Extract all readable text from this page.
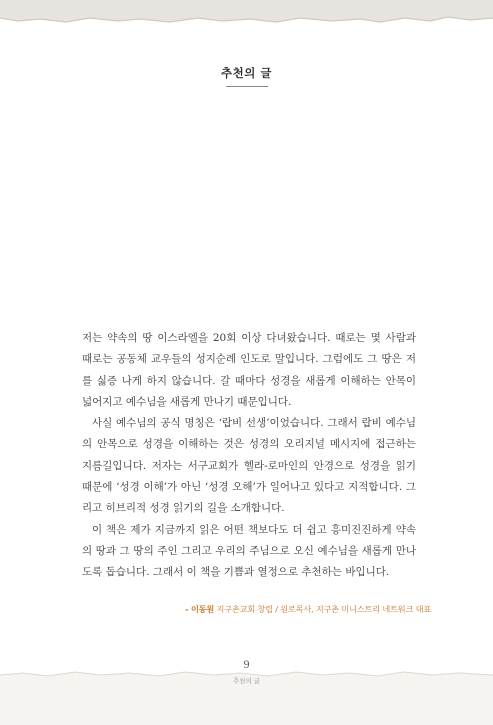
추천의 글

저는 약속의 땅 이스라엘을 20회 이상 다녀왔습니다. 때로는 몇 사람과 때로는 공동체 교우들의 성지순례 인도로 말입니다. 그럼에도 그 땅은 저를 싫증 나게 하지 않습니다. 갈 때마다 성경을 새롭게 이해하는 안목이 넓어지고 예수님을 새롭게 만나기 때문입니다.

사실 예수님의 공식 명칭은 ‘랍비 선생’이었습니다. 그래서 랍비 예수님의 안목으로 성경을 이해하는 것은 성경의 오리지널 메시지에 접근하는 지름길입니다. 저자는 서구교회가 헬라-로마인의 안경으로 성경을 읽기 때문에 ‘성경 이해’가 아닌 ‘성경 오해’가 일어나고 있다고 지적합니다. 그리고 히브리적 성경 읽기의 길을 소개합니다.

이 책은 제가 지금까지 읽은 어떤 책보다도 더 쉽고 흥미진진하게 약속의 땅과 그 땅의 주인 그리고 우리의 주님으로 오신 예수님을 새롭게 만나도록 돕습니다. 그래서 이 책을 기쁨과 열정으로 추천하는 바입니다.

- 이동원 지구촌교회 창립 / 원로목사, 지구촌 미니스트리 네트워크 대표
9
추천의 글
